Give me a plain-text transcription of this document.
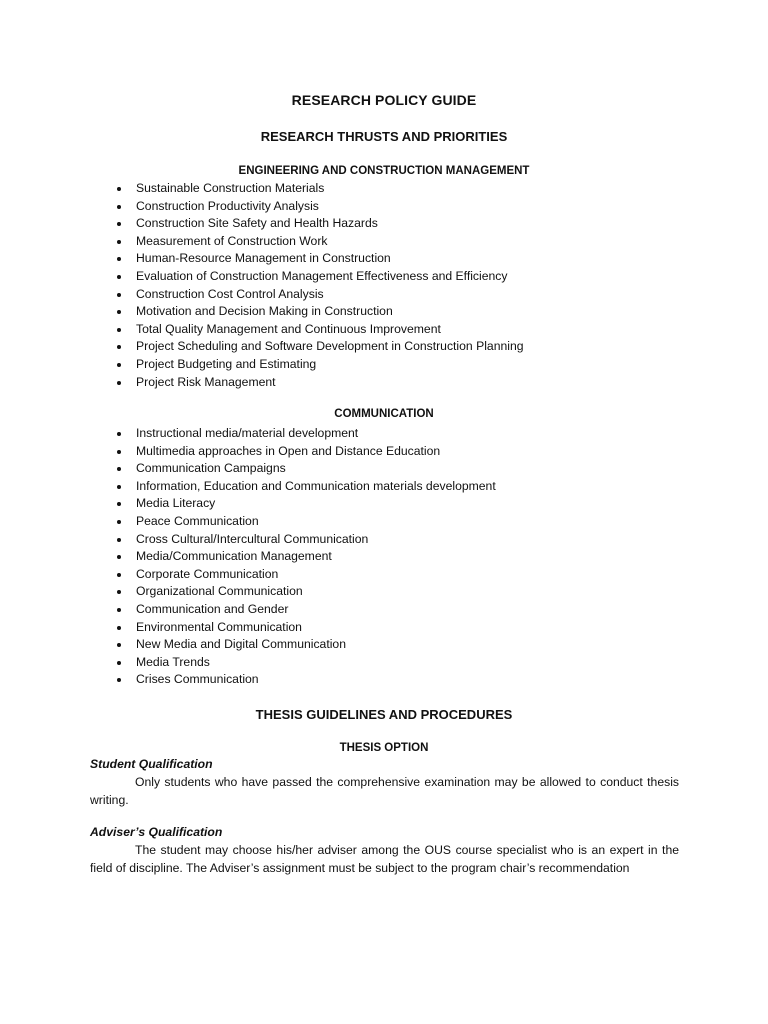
RESEARCH POLICY GUIDE
RESEARCH THRUSTS AND PRIORITIES
ENGINEERING AND CONSTRUCTION MANAGEMENT
Sustainable Construction Materials
Construction Productivity Analysis
Construction Site Safety and Health Hazards
Measurement of Construction Work
Human-Resource Management in Construction
Evaluation of Construction Management Effectiveness and Efficiency
Construction Cost Control Analysis
Motivation and Decision Making in Construction
Total Quality Management and Continuous Improvement
Project Scheduling and Software Development in Construction Planning
Project Budgeting and Estimating
Project Risk Management
COMMUNICATION
Instructional media/material development
Multimedia approaches in Open and Distance Education
Communication Campaigns
Information, Education and Communication materials development
Media Literacy
Peace Communication
Cross Cultural/Intercultural Communication
Media/Communication Management
Corporate Communication
Organizational Communication
Communication and Gender
Environmental Communication
New Media and Digital Communication
Media Trends
Crises Communication
THESIS GUIDELINES AND PROCEDURES
THESIS OPTION
Student Qualification
Only students who have passed the comprehensive examination may be allowed to conduct thesis writing.
Adviser’s Qualification
The student may choose his/her adviser among the OUS course specialist who is an expert in the field of discipline. The Adviser’s assignment must be subject to the program chair’s recommendation
